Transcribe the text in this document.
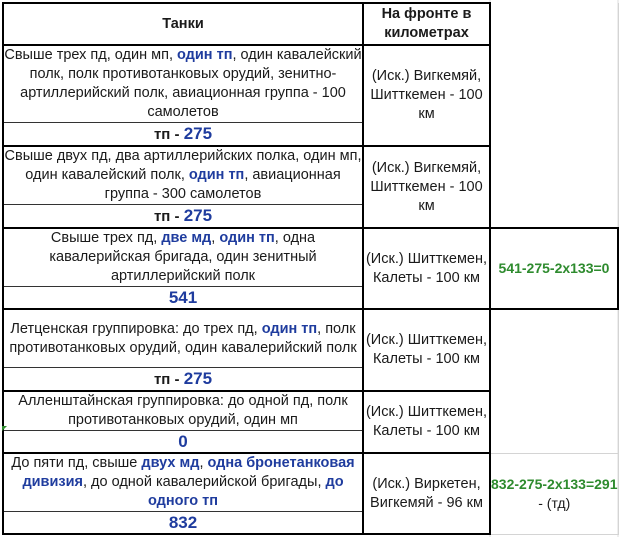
Танки	На фронте в километрах	
Свыше трех пд, один мп, один тп, один кавалейский полк, полк противотанковых орудий, зенитно-артиллерийский полк, авиационная группа - 100 самолетов	(Иск.) Вигкемяй, Шитткемен - 100 км	
тп - 275		
Свыше двух пд, два артиллерийских полка, один мп, один кавалейский полк, один тп, авиационная группа - 300 самолетов	(Иск.) Вигкемяй, Шитткемен - 100 км	
тп - 275		
Свыше трех пд, две мд, один тп, одна кавалерийская бригада, один зенитный артиллерийский полк	(Иск.) Шитткемен, Калеты - 100 км	541-275-2х133=0
541		
Летценская группировка: до трех пд, один тп, полк противотанковых орудий, один кавалерийский полк	(Иск.) Шитткемен, Калеты - 100 км	
тп - 275		
Алленштайнская группировка: до одной пд, полк противотанковых орудий, один мп	(Иск.) Шитткемен, Калеты - 100 км	
0		
До пяти пд, свыше двух мд, одна бронетанковая дивизия, до одной кавалерийской бригады, до одного тп	(Иск.) Виркетен, Вигкемяй - 96 км	832-275-2х133=291 - (тд)
832		
